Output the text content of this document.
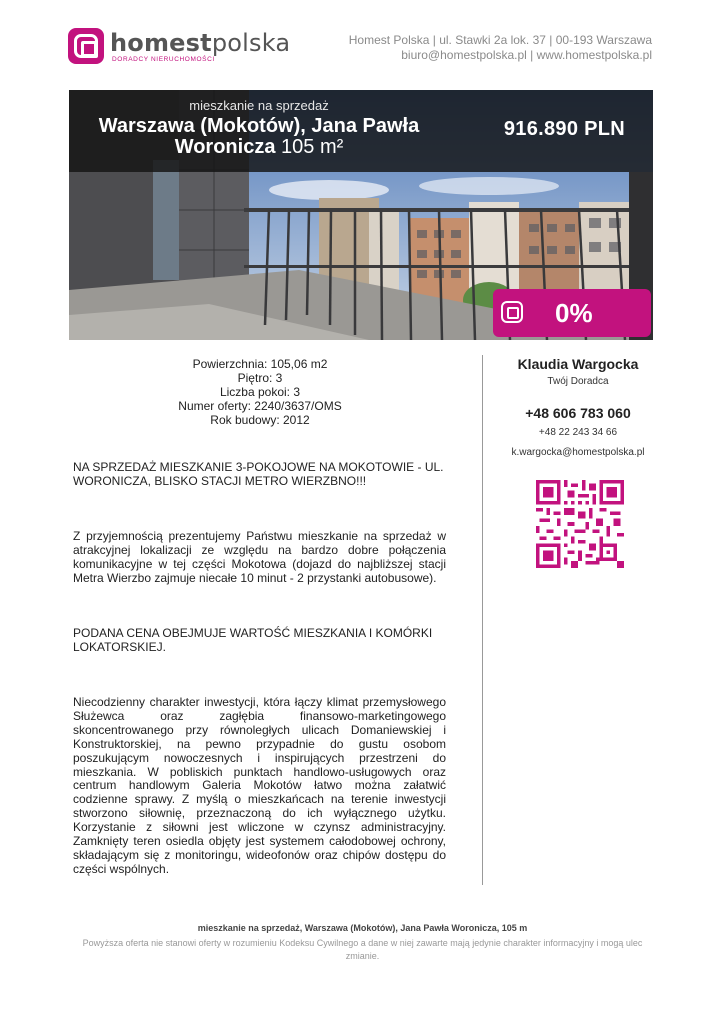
homestpolska
DORADCY NIERUCHOMOŚCI
Homest Polska | ul. Stawki 2a lok. 37 | 00-193 Warszawa
biuro@homestpolska.pl | www.homestpolska.pl
mieszkanie na sprzedaż
Warszawa (Mokotów), Jana Pawła Woronicza 105 m²
916.890 PLN
0%
Powierzchnia: 105,06 m2
Piętro: 3
Liczba pokoi: 3
Numer oferty: 2240/3637/OMS
Rok budowy: 2012

NA SPRZEDAŻ MIESZKANIE 3-POKOJOWE NA MOKOTOWIE - UL. WORONICZA, BLISKO STACJI METRO WIERZBNO!!!

Z przyjemnością prezentujemy Państwu mieszkanie na sprzedaż w atrakcyjnej lokalizacji ze względu na bardzo dobre połączenia komunikacyjne w tej części Mokotowa (dojazd do najbliższej stacji Metra Wierzbo zajmuje niecałe 10 minut - 2 przystanki autobusowe).

PODANA CENA OBEJMUJE WARTOŚĆ MIESZKANIA I KOMÓRKI LOKATORSKIEJ.

Niecodzienny charakter inwestycji, która łączy klimat przemysłowego Służewca oraz zagłębia finansowo-marketingowego skoncentrowanego przy równoległych ulicach Domaniewskiej i Konstruktorskiej, na pewno przypadnie do gustu osobom poszukującym nowoczesnych i inspirujących przestrzeni do mieszkania. W pobliskich punktach handlowo-usługowych oraz centrum handlowym Galeria Mokotów łatwo można załatwić codzienne sprawy. Z myślą o mieszkańcach na terenie inwestycji stworzono siłownię, przeznaczoną do ich wyłącznego użytku. Korzystanie z siłowni jest wliczone w czynsz administracyjny. Zamknięty teren osiedla objęty jest systemem całodobowej ochrony, składającym się z monitoringu, wideofonów oraz chipów dostępu do części wspólnych.

Klaudia Wargocka
Twój Doradca
+48 606 783 060
+48 22 243 34 66
k.wargocka@homestpolska.pl
mieszkanie na sprzedaż, Warszawa (Mokotów), Jana Pawła Woronicza, 105 m
Powyższa oferta nie stanowi oferty w rozumieniu Kodeksu Cywilnego a dane w niej zawarte mają jedynie charakter informacyjny i mogą ulec zmianie.
